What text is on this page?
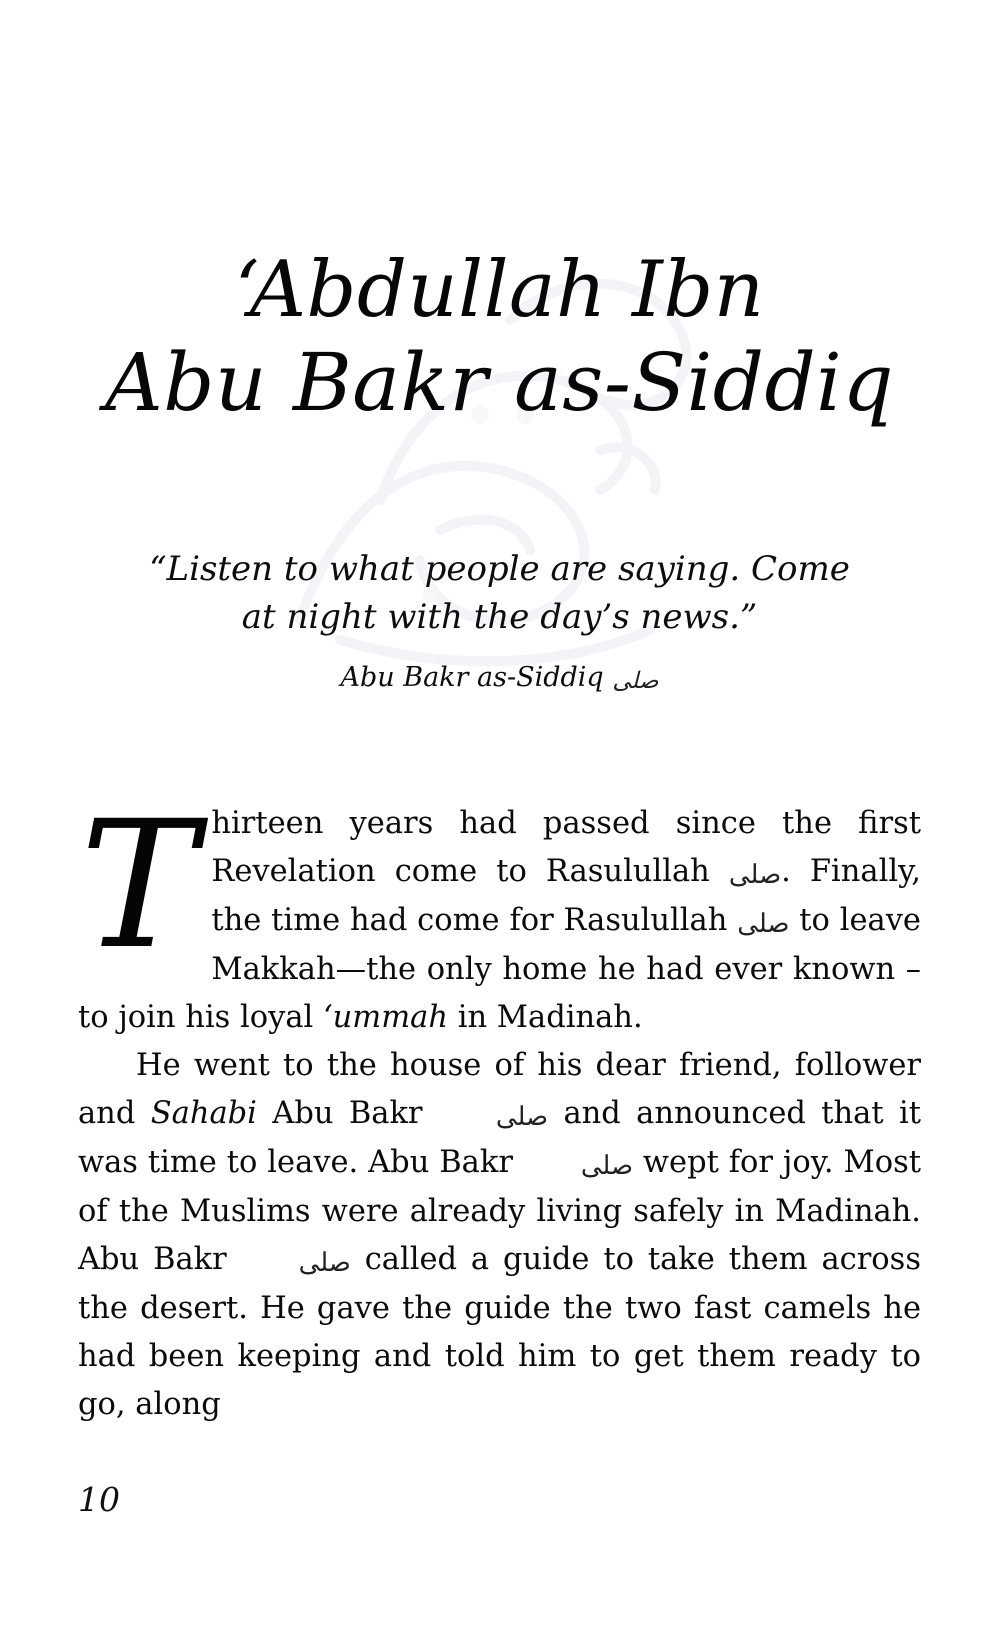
ʻAbdullah Ibn
Abu Bakr as-Siddiq
“Listen to what people are saying. Come
at night with the day’s news.”
Abu Bakr as-Siddiq صلى

Thirteen years had passed since the first Revelation come to Rasulullah صلى. Finally, the time had come for Rasulullah صلى to leave Makkah—the only home he had ever known – to join his loyal ʻummah in Madinah.

He went to the house of his dear friend, follower and Sahabi Abu Bakr	صلى and announced that it was time to leave. Abu Bakr	صلى wept for joy. Most of the Muslims were already living safely in Madinah. Abu Bakr	صلى called a guide to take them across the desert. He gave the guide the two fast camels he had been keeping and told him to get them ready to go, along

10
